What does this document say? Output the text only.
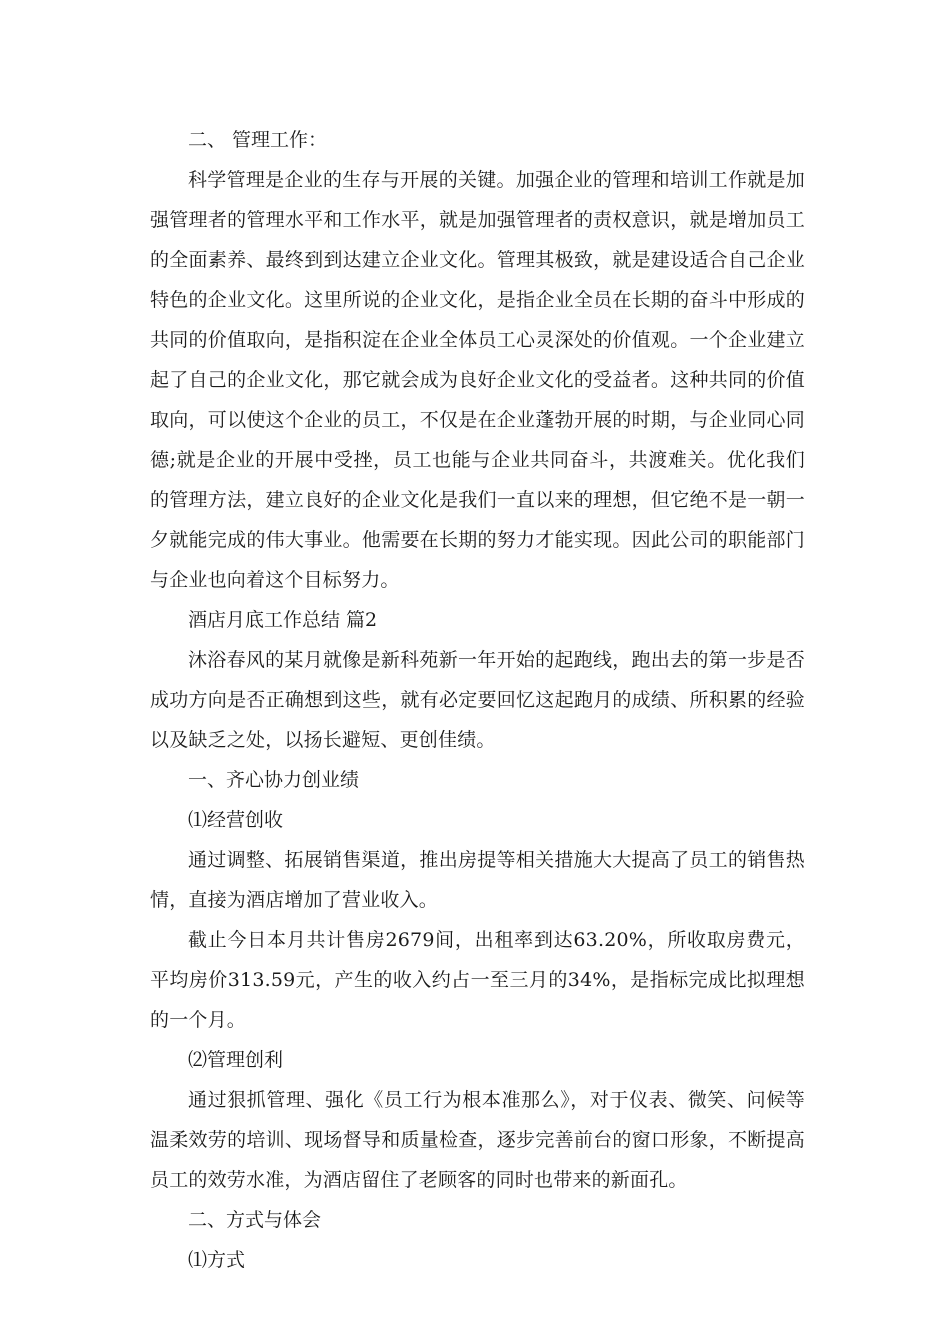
二、 管理工作：

科学管理是企业的生存与开展的关键。加强企业的管理和培训工作就是加强管理者的管理水平和工作水平，就是加强管理者的责权意识，就是增加员工的全面素养、最终到到达建立企业文化。管理其极致，就是建设适合自己企业特色的企业文化。这里所说的企业文化，是指企业全员在长期的奋斗中形成的共同的价值取向，是指积淀在企业全体员工心灵深处的价值观。一个企业建立起了自己的企业文化，那它就会成为良好企业文化的受益者。这种共同的价值取向，可以使这个企业的员工，不仅是在企业蓬勃开展的时期，与企业同心同德;就是企业的开展中受挫，员工也能与企业共同奋斗，共渡难关。优化我们的管理方法，建立良好的企业文化是我们一直以来的理想，但它绝不是一朝一夕就能完成的伟大事业。他需要在长期的努力才能实现。因此公司的职能部门与企业也向着这个目标努力。

酒店月底工作总结 篇2

沐浴春风的某月就像是新科苑新一年开始的起跑线，跑出去的第一步是否成功方向是否正确想到这些，就有必定要回忆这起跑月的成绩、所积累的经验以及缺乏之处，以扬长避短、更创佳绩。

一、齐心协力创业绩

⑴经营创收

通过调整、拓展销售渠道，推出房提等相关措施大大提高了员工的销售热情，直接为酒店增加了营业收入。

截止今日本月共计售房2679间，出租率到达63.20%，所收取房费元，平均房价313.59元，产生的收入约占一至三月的34%，是指标完成比拟理想的一个月。

⑵管理创利

通过狠抓管理、强化《员工行为根本准那么》，对于仪表、微笑、问候等温柔效劳的培训、现场督导和质量检查，逐步完善前台的窗口形象，不断提高员工的效劳水准，为酒店留住了老顾客的同时也带来的新面孔。

二、方式与体会

⑴方式
